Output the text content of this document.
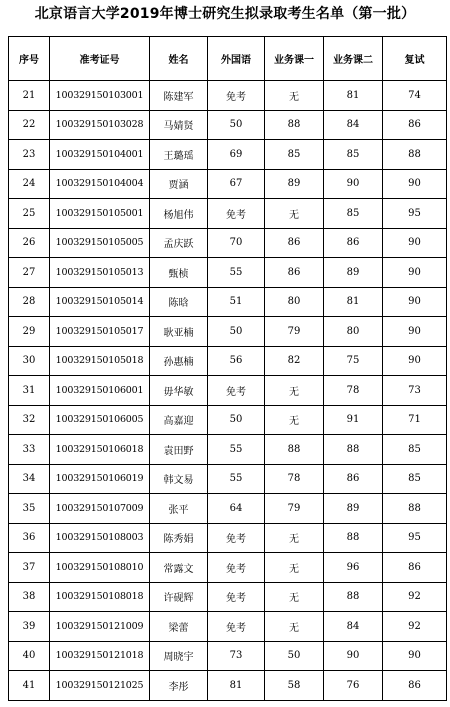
北京语言大学2019年博士研究生拟录取考生名单（第一批）
序号	准考证号	姓名	外国语	业务课一	业务课二	复试
21	100329150103001	陈建军	免考	无	81	74
22	100329150103028	马婧贤	50	88	84	86
23	100329150104001	王璐瑶	69	85	85	88
24	100329150104004	贾涵	67	89	90	90
25	100329150105001	杨旭伟	免考	无	85	95
26	100329150105005	孟庆跃	70	86	86	90
27	100329150105013	甄桢	55	86	89	90
28	100329150105014	陈晗	51	80	81	90
29	100329150105017	耿亚楠	50	79	80	90
30	100329150105018	孙惠楠	56	82	75	90
31	100329150106001	毋华敏	免考	无	78	73
32	100329150106005	高嘉迎	50	无	91	71
33	100329150106018	袁田野	55	88	88	85
34	100329150106019	韩文易	55	78	86	85
35	100329150107009	张平	64	79	89	88
36	100329150108003	陈秀娟	免考	无	88	95
37	100329150108010	常露文	免考	无	96	86
38	100329150108018	许砚辉	免考	无	88	92
39	100329150121009	梁蕾	免考	无	84	92
40	100329150121018	周晓宇	73	50	90	90
41	100329150121025	李彤	81	58	76	86
